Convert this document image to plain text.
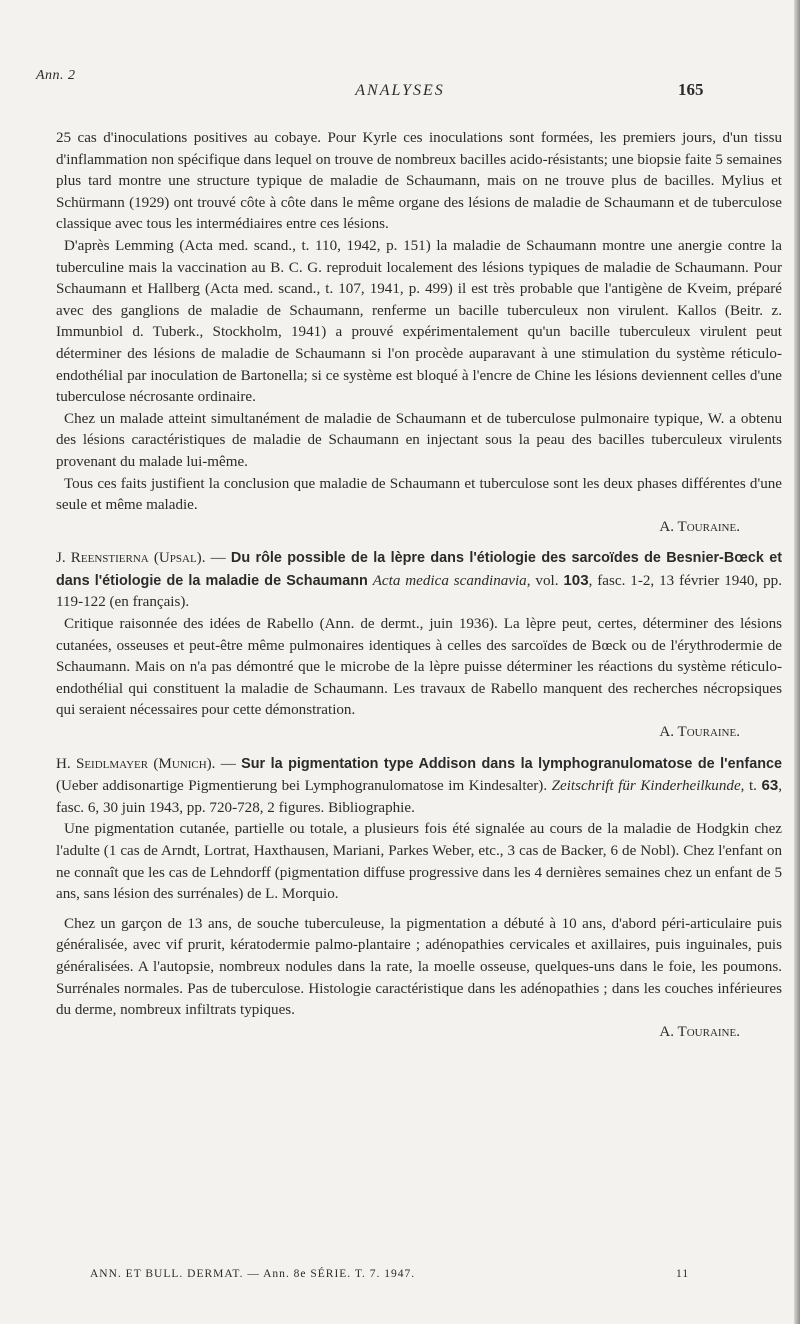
Ann. 2
ANALYSES	165

25 cas d'inoculations positives au cobaye. Pour Kyrle ces inoculations sont formées, les premiers jours, d'un tissu d'inflammation non spécifique dans lequel on trouve de nombreux bacilles acido-résistants; une biopsie faite 5 semaines plus tard montre une structure typique de maladie de Schaumann, mais on ne trouve plus de bacilles. Mylius et Schürmann (1929) ont trouvé côte à côte dans le même organe des lésions de maladie de Schaumann et de tuberculose classique avec tous les intermédiaires entre ces lésions.

D'après Lemming (Acta med. scand., t. 110, 1942, p. 151) la maladie de Schaumann montre une anergie contre la tuberculine mais la vaccination au B. C. G. reproduit localement des lésions typiques de maladie de Schaumann. Pour Schaumann et Hallberg (Acta med. scand., t. 107, 1941, p. 499) il est très probable que l'antigène de Kveim, préparé avec des ganglions de maladie de Schaumann, renferme un bacille tuberculeux non virulent. Kallos (Beitr. z. Immunbiol d. Tuberk., Stockholm, 1941) a prouvé expérimentalement qu'un bacille tuberculeux virulent peut déterminer des lésions de maladie de Schaumann si l'on procède auparavant à une stimulation du système réticulo-endothélial par inoculation de Bartonella; si ce système est bloqué à l'encre de Chine les lésions deviennent celles d'une tuberculose nécrosante ordinaire.

Chez un malade atteint simultanément de maladie de Schaumann et de tuberculose pulmonaire typique, W. a obtenu des lésions caractéristiques de maladie de Schaumann en injectant sous la peau des bacilles tuberculeux virulents provenant du malade lui-même.

Tous ces faits justifient la conclusion que maladie de Schaumann et tuberculose sont les deux phases différentes d'une seule et même maladie.

A. Touraine.

J. Reenstierna (Upsal). — Du rôle possible de la lèpre dans l'étiologie des sarcoïdes de Besnier-Bœck et dans l'étiologie de la maladie de Schaumann Acta medica scandinavia, vol. 103, fasc. 1-2, 13 février 1940, pp. 119-122 (en français).

Critique raisonnée des idées de Rabello (Ann. de dermt., juin 1936). La lèpre peut, certes, déterminer des lésions cutanées, osseuses et peut-être même pulmonaires identiques à celles des sarcoïdes de Bœck ou de l'érythrodermie de Schaumann. Mais on n'a pas démontré que le microbe de la lèpre puisse déterminer les réactions du système réticulo-endothélial qui constituent la maladie de Schaumann. Les travaux de Rabello manquent des recherches nécropsiques qui seraient nécessaires pour cette démonstration.

A. Touraine.

H. Seidlmayer (Munich). — Sur la pigmentation type Addison dans la lymphogranulomatose de l'enfance (Ueber addisonartige Pigmentierung bei Lymphogranulomatose im Kindesalter). Zeitschrift für Kinderheilkunde, t. 63, fasc. 6, 30 juin 1943, pp. 720-728, 2 figures. Bibliographie.

Une pigmentation cutanée, partielle ou totale, a plusieurs fois été signalée au cours de la maladie de Hodgkin chez l'adulte (1 cas de Arndt, Lortrat, Haxthausen, Mariani, Parkes Weber, etc., 3 cas de Backer, 6 de Nobl). Chez l'enfant on ne connaît que les cas de Lehndorff (pigmentation diffuse progressive dans les 4 dernières semaines chez un enfant de 5 ans, sans lésion des surrénales) de L. Morquio.

Chez un garçon de 13 ans, de souche tuberculeuse, la pigmentation a débuté à 10 ans, d'abord péri-articulaire puis généralisée, avec vif prurit, kératodermie palmo-plantaire ; adénopathies cervicales et axillaires, puis inguinales, puis généralisées. A l'autopsie, nombreux nodules dans la rate, la moelle osseuse, quelques-uns dans le foie, les poumons. Surrénales normales. Pas de tuberculose. Histologie caractéristique dans les adénopathies ; dans les couches inférieures du derme, nombreux infiltrats typiques.

A. Touraine.

ANN. ET BULL. DERMAT. — Ann. 8e SÉRIE. T. 7. 1947.	11
